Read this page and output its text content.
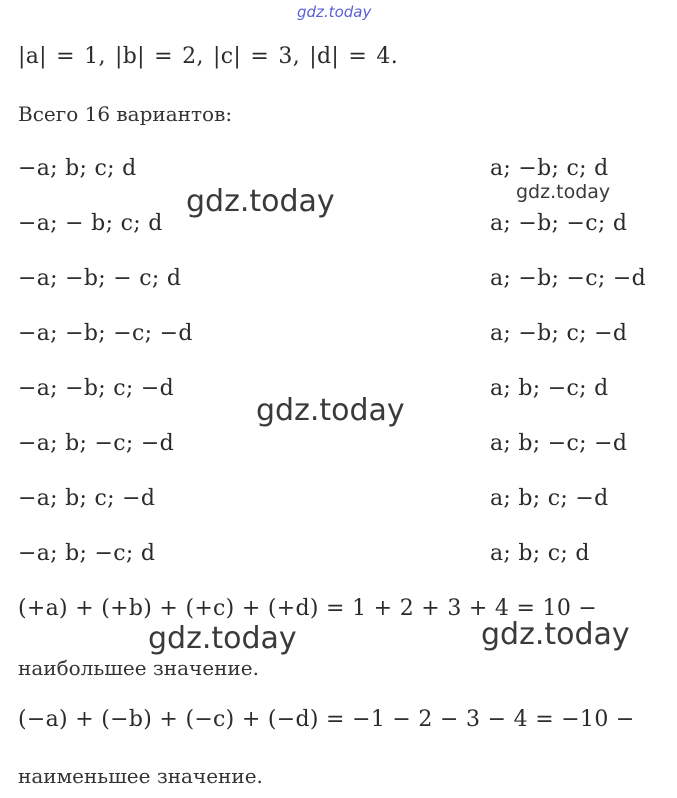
gdz.today
|a| = 1, |b| = 2, |c| = 3, |d| = 4.
Всего 16 вариантов:
−a; b; c; d
−a; − b; c; d
−a; −b; − c; d
−a; −b; −c; −d
−a; −b; c; −d
−a; b; −c; −d
−a; b; c; −d
−a; b; −c; d
a; −b; c; d
a; −b; −c; d
a; −b; −c; −d
a; −b; c; −d
a; b; −c; d
a; b; −c; −d
a; b; c; −d
a; b; c; d
(+a) + (+b) + (+c) + (+d) = 1 + 2 + 3 + 4 = 10 −
наибольшее значение.
(−a) + (−b) + (−c) + (−d) = −1 − 2 − 3 − 4 = −10 −
наименьшее значение.
gdz.today	gdz.today
gdz.today
gdz.today	gdz.today
